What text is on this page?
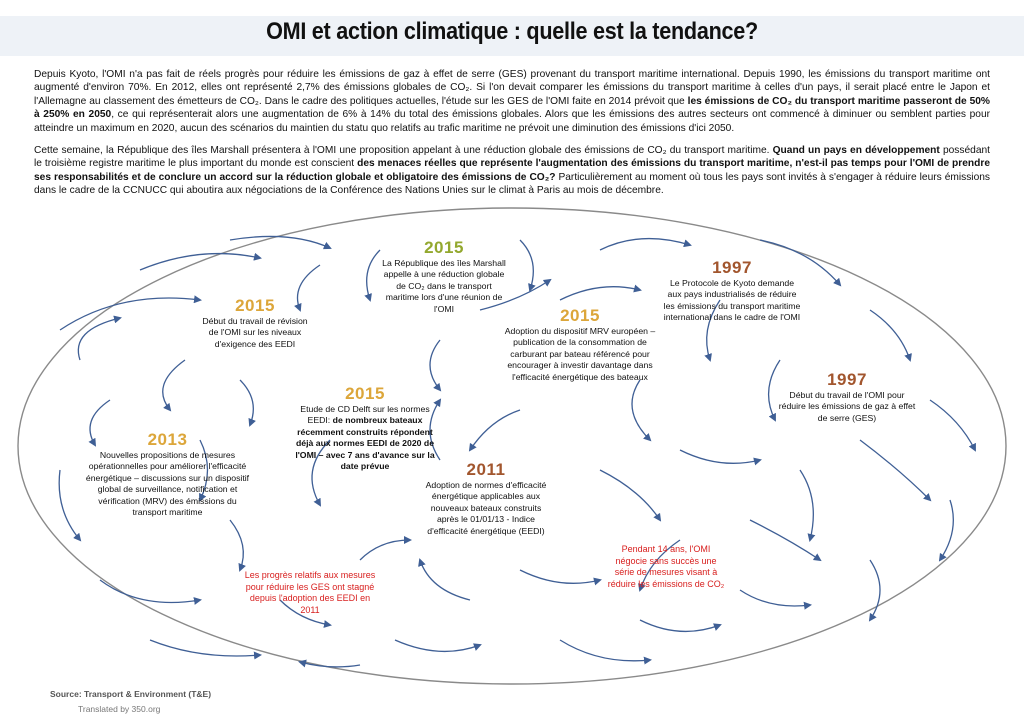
OMI et action climatique : quelle est la tendance?

Depuis Kyoto, l'OMI n'a pas fait de réels progrès pour réduire les émissions de gaz à effet de serre (GES) provenant du transport maritime international. Depuis 1990, les émissions du transport maritime ont augmenté d'environ 70%. En 2012, elles ont représenté 2,7% des émissions globales de CO₂. Si l'on devait comparer les émissions du transport maritime à celles d'un pays, il serait placé entre le Japon et l'Allemagne au classement des émetteurs de CO₂. Dans le cadre des politiques actuelles, l'étude sur les GES de l'OMI faite en 2014 prévoit que les émissions de CO₂ du transport maritime passeront de 50% à 250% en 2050, ce qui représenterait alors une augmentation de 6% à 14% du total des émissions globales. Alors que les émissions des autres secteurs ont commencé à diminuer ou semblent parties pour atteindre un maximum en 2020, aucun des scénarios du maintien du statu quo relatifs au trafic maritime ne prévoit une diminution des émissions d'ici 2050.

Cette semaine, la République des îles Marshall présentera à l'OMI une proposition appelant à une réduction globale des émissions de CO₂ du transport maritime. Quand un pays en développement possédant le troisième registre maritime le plus important du monde est conscient des menaces réelles que représente l'augmentation des émissions du transport maritime, n'est-il pas temps pour l'OMI de prendre ses responsabilités et de conclure un accord sur la réduction globale et obligatoire des émissions de CO₂? Particulièrement au moment où tous les pays sont invités à s'engager à réduire leurs émissions dans le cadre de la CCNUCC qui aboutira aux négociations de la Conférence des Nations Unies sur le climat à Paris au mois de décembre.

2015
La République des îles Marshall appelle à une réduction globale de CO₂ dans le transport maritime lors d'une réunion de l'OMI
2015
Début du travail de révision de l'OMI sur les niveaux d'exigence des EEDI
2015
Adoption du dispositif MRV européen – publication de la consommation de carburant par bateau référencé pour encourager à investir davantage dans l'efficacité énergétique des bateaux
1997
Le Protocole de Kyoto demande aux pays industrialisés de réduire les émissions du transport maritime international dans le cadre de l'OMI
2015
Etude de CD Delft sur les normes EEDI: de nombreux bateaux récemment construits répondent déjà aux normes EEDI de 2020 de l'OMI – avec 7 ans d'avance sur la date prévue
1997
Début du travail de l'OMI pour réduire les émissions de gaz à effet de serre (GES)
2013
Nouvelles propositions de mesures opérationnelles pour améliorer l'efficacité énergétique – discussions sur un dispositif global de surveillance, notification et vérification (MRV) des émissions du transport maritime
2011
Adoption de normes d'efficacité énergétique applicables aux nouveaux bateaux construits après le 01/01/13 - Indice d'efficacité énergétique (EEDI)
Les progrès relatifs aux mesures pour réduire les GES ont stagné depuis l'adoption des EEDI en 2011
Pendant 14 ans, l'OMI négocie sans succès une série de mesures visant à réduire les émissions de CO₂
Source: Transport & Environment (T&E)
Translated by 350.org
